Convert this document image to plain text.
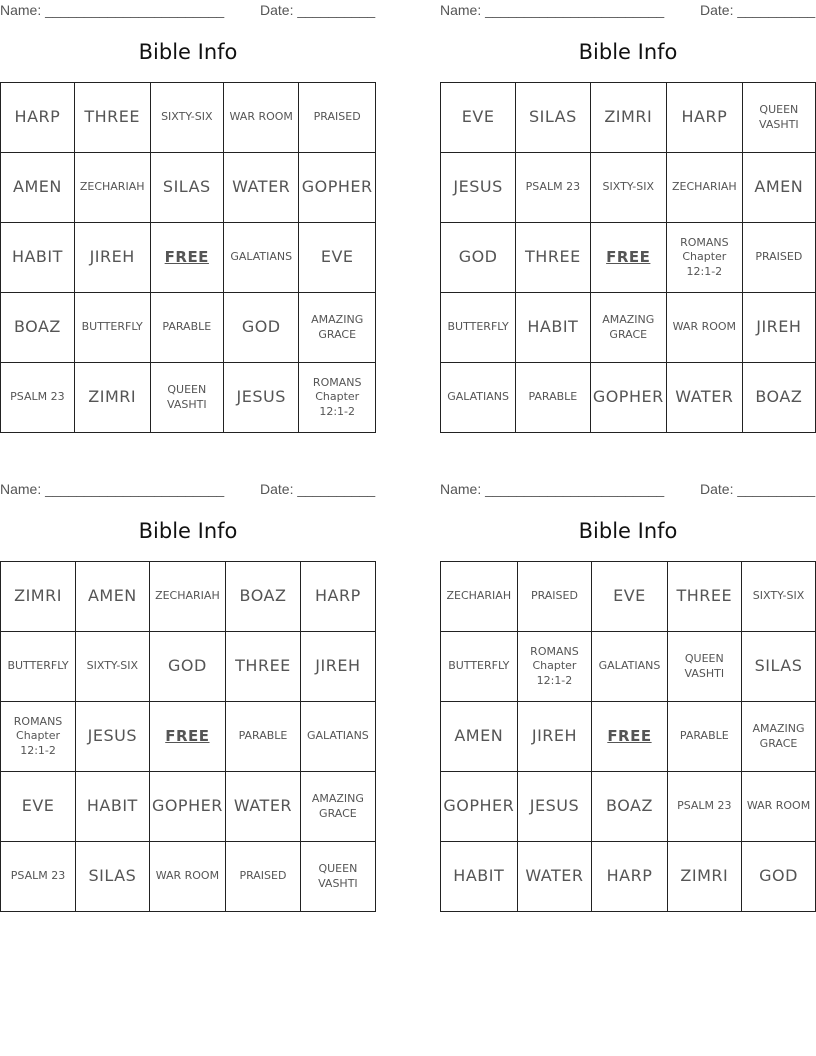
Name: _______________________	Date: __________
Bible Info
HARP	THREE	SIXTY-SIX	WAR ROOM	PRAISED
AMEN	ZECHARIAH	SILAS	WATER	GOPHER
HABIT	JIREH	FREE	GALATIANS	EVE
BOAZ	BUTTERFLY	PARABLE	GOD	AMAZING GRACE
PSALM 23	ZIMRI	QUEEN VASHTI	JESUS	ROMANS Chapter 12:1-2
Name: _______________________	Date: __________
Bible Info
EVE	SILAS	ZIMRI	HARP	QUEEN VASHTI
JESUS	PSALM 23	SIXTY-SIX	ZECHARIAH	AMEN
GOD	THREE	FREE	ROMANS Chapter 12:1-2	PRAISED
BUTTERFLY	HABIT	AMAZING GRACE	WAR ROOM	JIREH
GALATIANS	PARABLE	GOPHER	WATER	BOAZ
Name: _______________________	Date: __________
Bible Info
ZIMRI	AMEN	ZECHARIAH	BOAZ	HARP
BUTTERFLY	SIXTY-SIX	GOD	THREE	JIREH
ROMANS Chapter 12:1-2	JESUS	FREE	PARABLE	GALATIANS
EVE	HABIT	GOPHER	WATER	AMAZING GRACE
PSALM 23	SILAS	WAR ROOM	PRAISED	QUEEN VASHTI
Name: _______________________	Date: __________
Bible Info
ZECHARIAH	PRAISED	EVE	THREE	SIXTY-SIX
BUTTERFLY	ROMANS Chapter 12:1-2	GALATIANS	QUEEN VASHTI	SILAS
AMEN	JIREH	FREE	PARABLE	AMAZING GRACE
GOPHER	JESUS	BOAZ	PSALM 23	WAR ROOM
HABIT	WATER	HARP	ZIMRI	GOD
